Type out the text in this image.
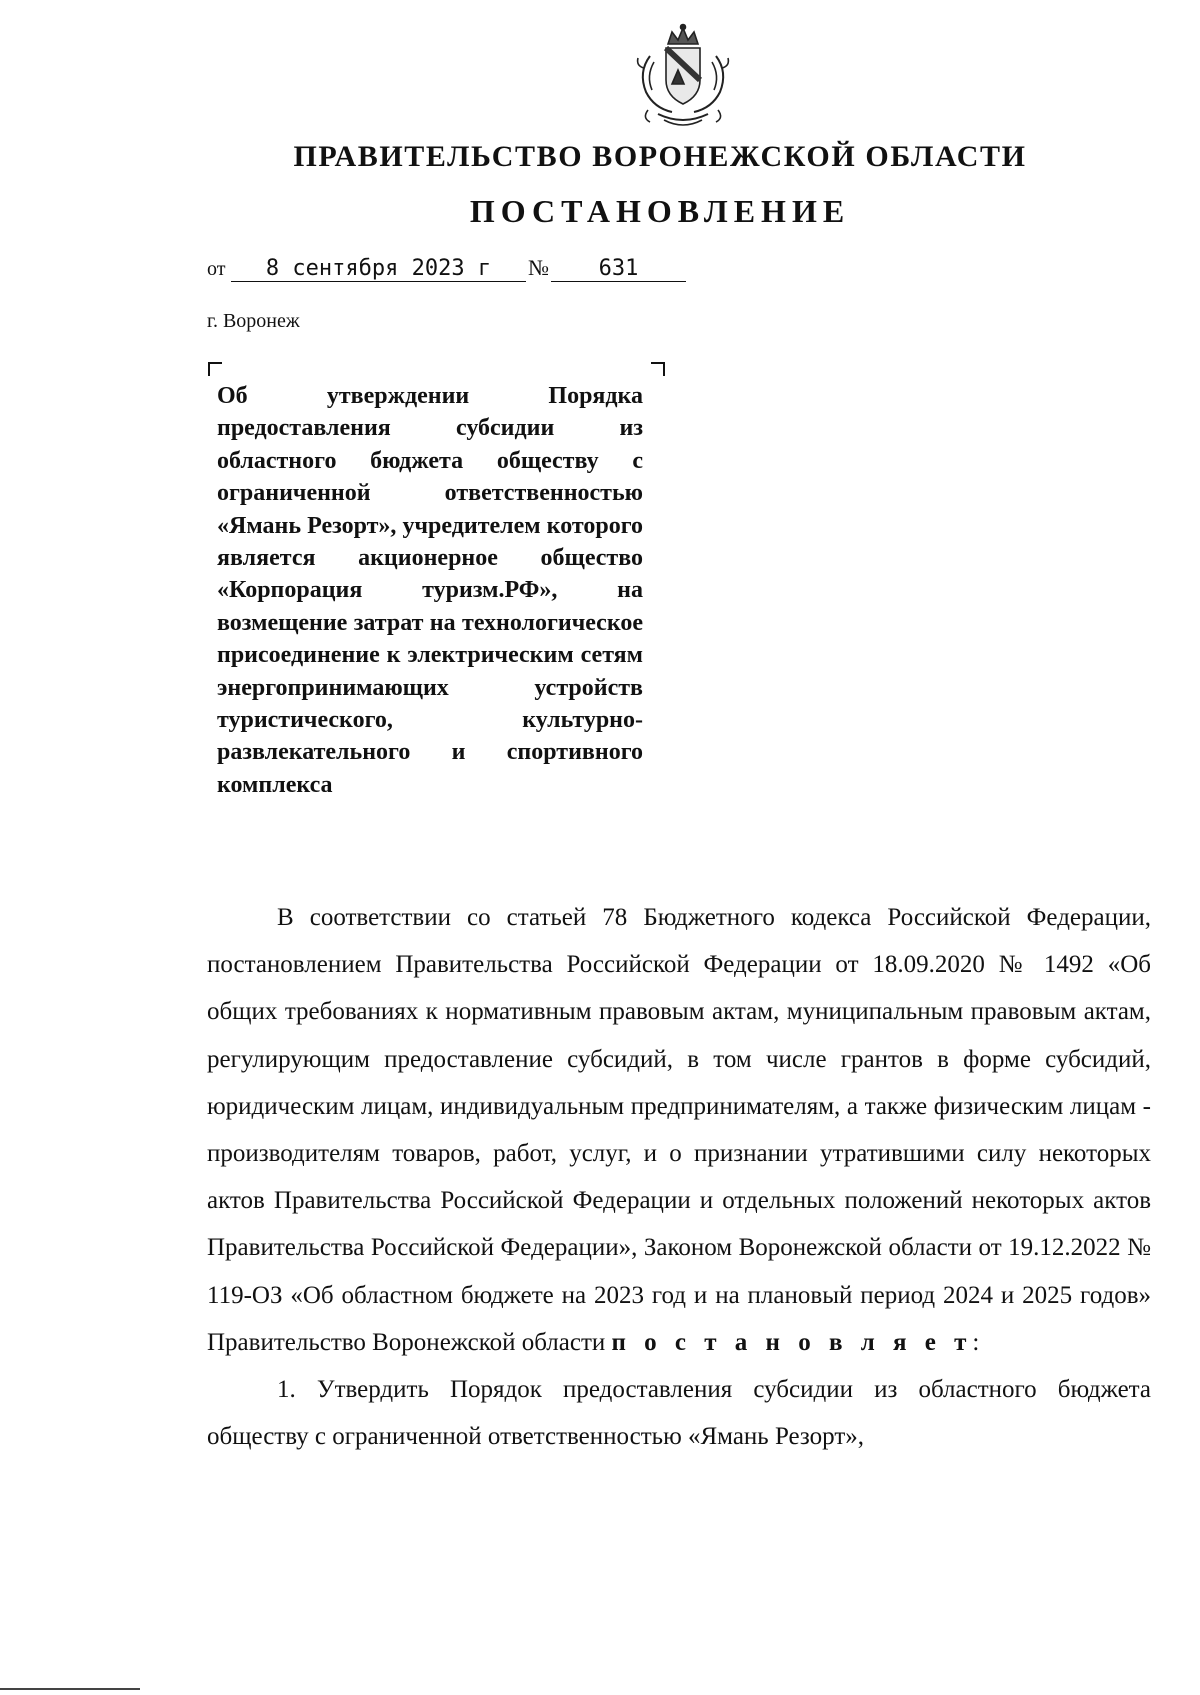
ПРАВИТЕЛЬСТВО ВОРОНЕЖСКОЙ ОБЛАСТИ
ПОСТАНОВЛЕНИЕ
от 8 сентября 2023 г № 631
г. Воронеж
Об утверждении Порядка предоставления субсидии из областного бюджета обществу с ограниченной ответственностью «Ямань Резорт», учредителем которого является акционерное общество «Корпорация туризм.РФ», на возмещение затрат на технологическое присоединение к электрическим сетям энергопринимающих устройств туристического, культурно-развлекательного и спортивного комплекса

В соответствии со статьей 78 Бюджетного кодекса Российской Федерации, постановлением Правительства Российской Федерации от 18.09.2020 № 1492 «Об общих требованиях к нормативным правовым актам, муниципальным правовым актам, регулирующим предоставление субсидий, в том числе грантов в форме субсидий, юридическим лицам, индивидуальным предпринимателям, а также физическим лицам - производителям товаров, работ, услуг, и о признании утратившими силу некоторых актов Правительства Российской Федерации и отдельных положений некоторых актов Правительства Российской Федерации», Законом Воронежской области от 19.12.2022 № 119-ОЗ «Об областном бюджете на 2023 год и на плановый период 2024 и 2025 годов» Правительство Воронежской области п о с т а н о в л я е т:

1. Утвердить Порядок предоставления субсидии из областного бюджета обществу с ограниченной ответственностью «Ямань Резорт»,
